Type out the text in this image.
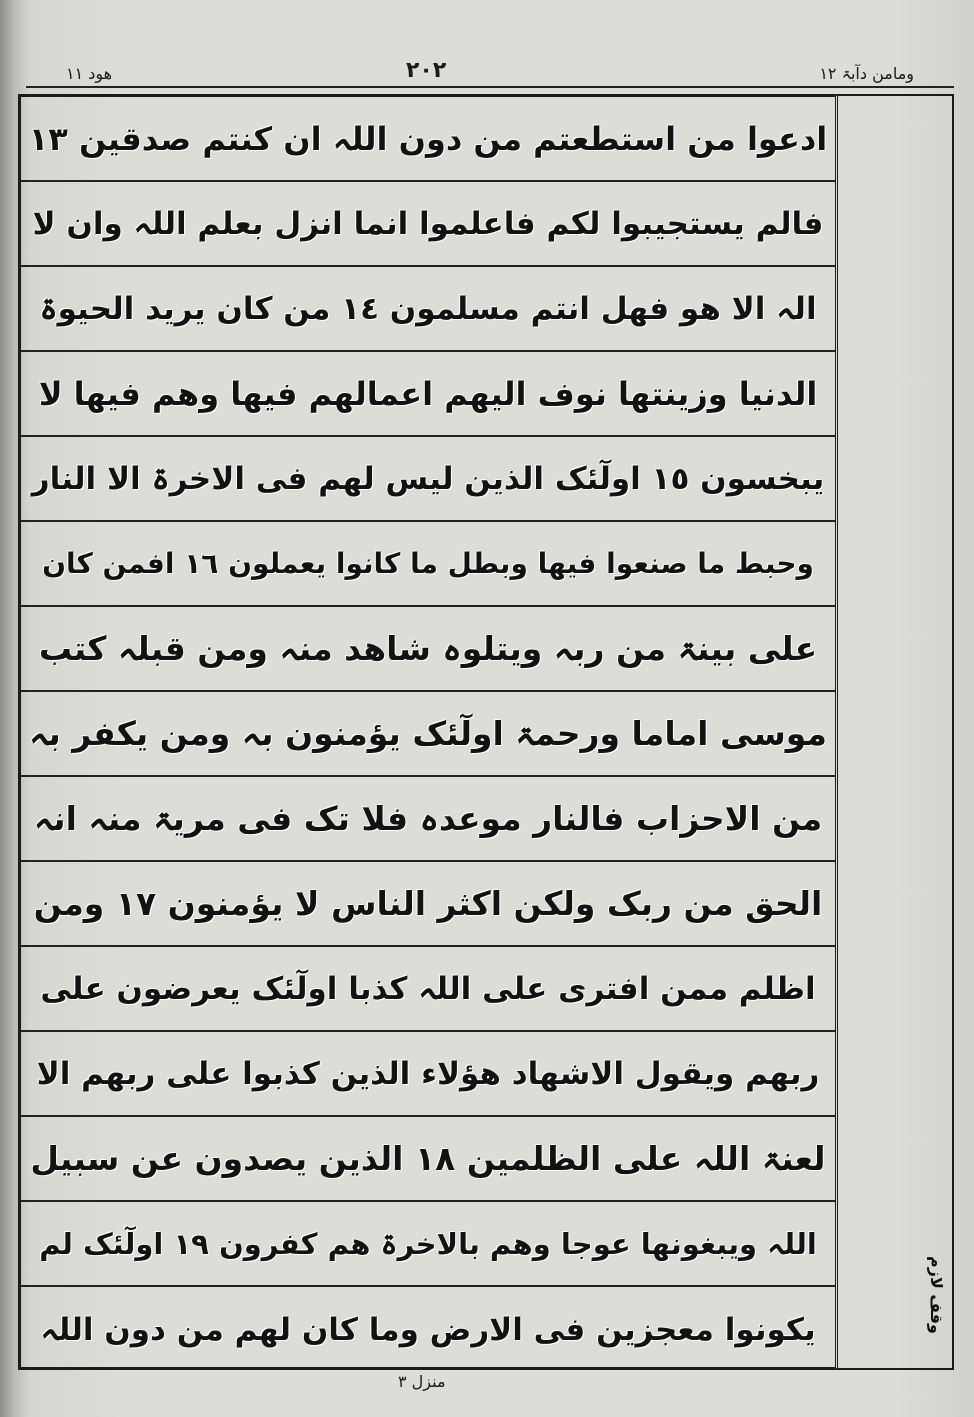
ھود ١١	٢٠٢	ومامن دآبۃ ١٢
ادعوا من استطعتم من دون اللہ ان کنتم صدقین ١٣
فالم یستجیبوا لکم فاعلموا انما انزل بعلم اللہ وان لا
الہ الا ھو فھل انتم مسلمون ١٤ من کان یرید الحیوۃ
الدنیا وزینتھا نوف الیھم اعمالھم فیھا وھم فیھا لا
یبخسون ١٥ اولٓئک الذین لیس لھم فی الاخرۃ الا النار
وحبط ما صنعوا فیھا وبطل ما کانوا یعملون ١٦ افمن کان
علی بینۃ من ربہ ویتلوہ شاھد منہ ومن قبلہ کتب
موسی اماما ورحمۃ اولٓئک یؤمنون بہ ومن یکفر بہ
من الاحزاب فالنار موعدہ فلا تک فی مریۃ منہ انہ
الحق من ربک ولکن اکثر الناس لا یؤمنون ١٧ ومن
اظلم ممن افتری علی اللہ کذبا اولٓئک یعرضون علی
ربھم ویقول الاشھاد ھؤلاء الذین کذبوا علی ربھم الا
لعنۃ اللہ علی الظلمین ١٨ الذین یصدون عن سبیل
اللہ ویبغونھا عوجا وھم بالاخرۃ ھم کفرون ١٩ اولٓئک لم
یکونوا معجزین فی الارض وما کان لھم من دون اللہ	وقف لازم
منزل ٣
